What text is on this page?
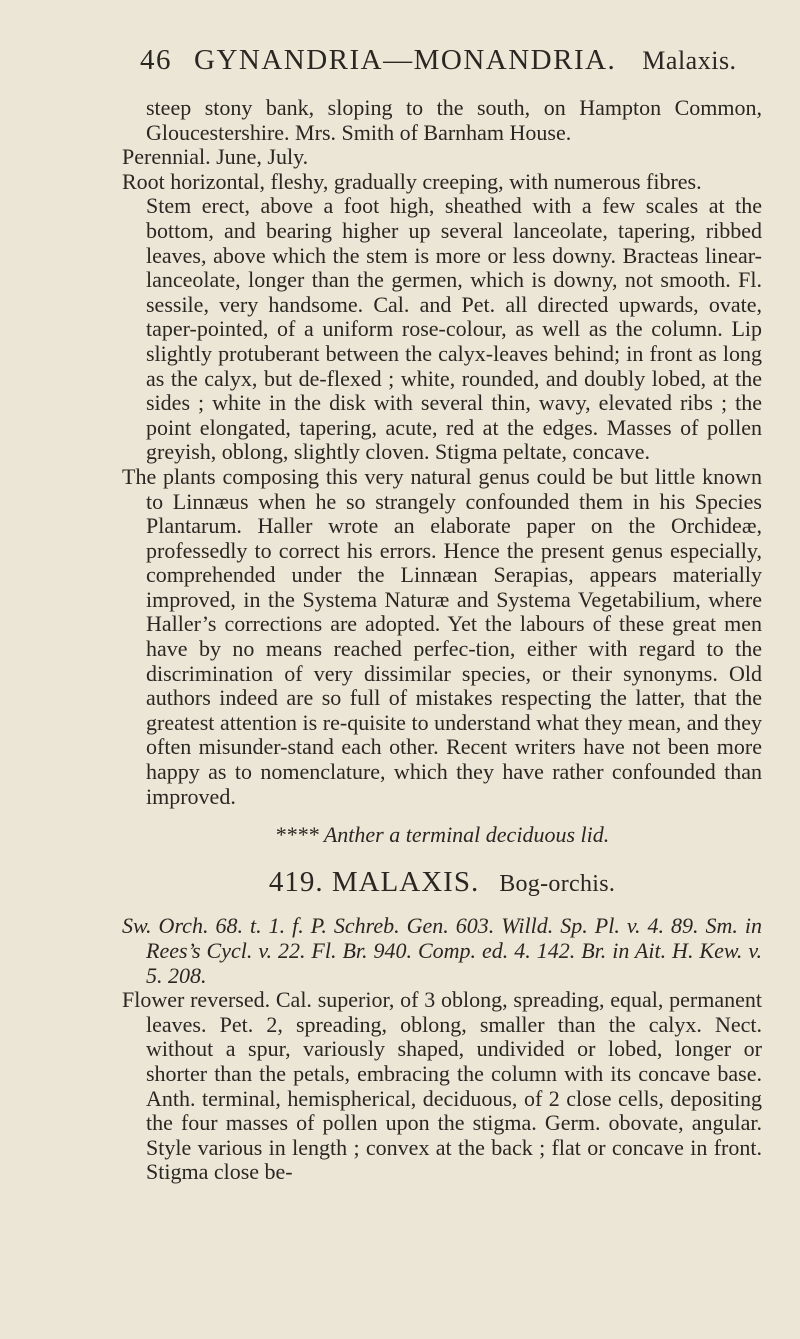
46 GYNANDRIA—MONANDRIA. Malaxis.

steep stony bank, sloping to the south, on Hampton Common, Gloucestershire. Mrs. Smith of Barnham House.

Perennial. June, July.

Root horizontal, fleshy, gradually creeping, with numerous fibres.

Stem erect, above a foot high, sheathed with a few scales at the bottom, and bearing higher up several lanceolate, tapering, ribbed leaves, above which the stem is more or less downy. Bracteas linear-lanceolate, longer than the germen, which is downy, not smooth. Fl. sessile, very handsome. Cal. and Pet. all directed upwards, ovate, taper-pointed, of a uniform rose-colour, as well as the column. Lip slightly protuberant between the calyx-leaves behind; in front as long as the calyx, but de-flexed ; white, rounded, and doubly lobed, at the sides ; white in the disk with several thin, wavy, elevated ribs ; the point elongated, tapering, acute, red at the edges. Masses of pollen greyish, oblong, slightly cloven. Stigma peltate, concave.

The plants composing this very natural genus could be but little known to Linnæus when he so strangely confounded them in his Species Plantarum. Haller wrote an elaborate paper on the Orchideæ, professedly to correct his errors. Hence the present genus especially, comprehended under the Linnæan Serapias, appears materially improved, in the Systema Naturæ and Systema Vegetabilium, where Haller’s corrections are adopted. Yet the labours of these great men have by no means reached perfec-tion, either with regard to the discrimination of very dissimilar species, or their synonyms. Old authors indeed are so full of mistakes respecting the latter, that the greatest attention is re-quisite to understand what they mean, and they often misunder-stand each other. Recent writers have not been more happy as to nomenclature, which they have rather confounded than improved.

**** Anther a terminal deciduous lid.

419. MALAXIS. Bog-orchis.

Sw. Orch. 68. t. 1. f. P. Schreb. Gen. 603. Willd. Sp. Pl. v. 4. 89. Sm. in Rees’s Cycl. v. 22. Fl. Br. 940. Comp. ed. 4. 142. Br. in Ait. H. Kew. v. 5. 208.

Flower reversed. Cal. superior, of 3 oblong, spreading, equal, permanent leaves. Pet. 2, spreading, oblong, smaller than the calyx. Nect. without a spur, variously shaped, undivided or lobed, longer or shorter than the petals, embracing the column with its concave base. Anth. terminal, hemispherical, deciduous, of 2 close cells, depositing the four masses of pollen upon the stigma. Germ. obovate, angular. Style various in length ; convex at the back ; flat or concave in front. Stigma close be-
